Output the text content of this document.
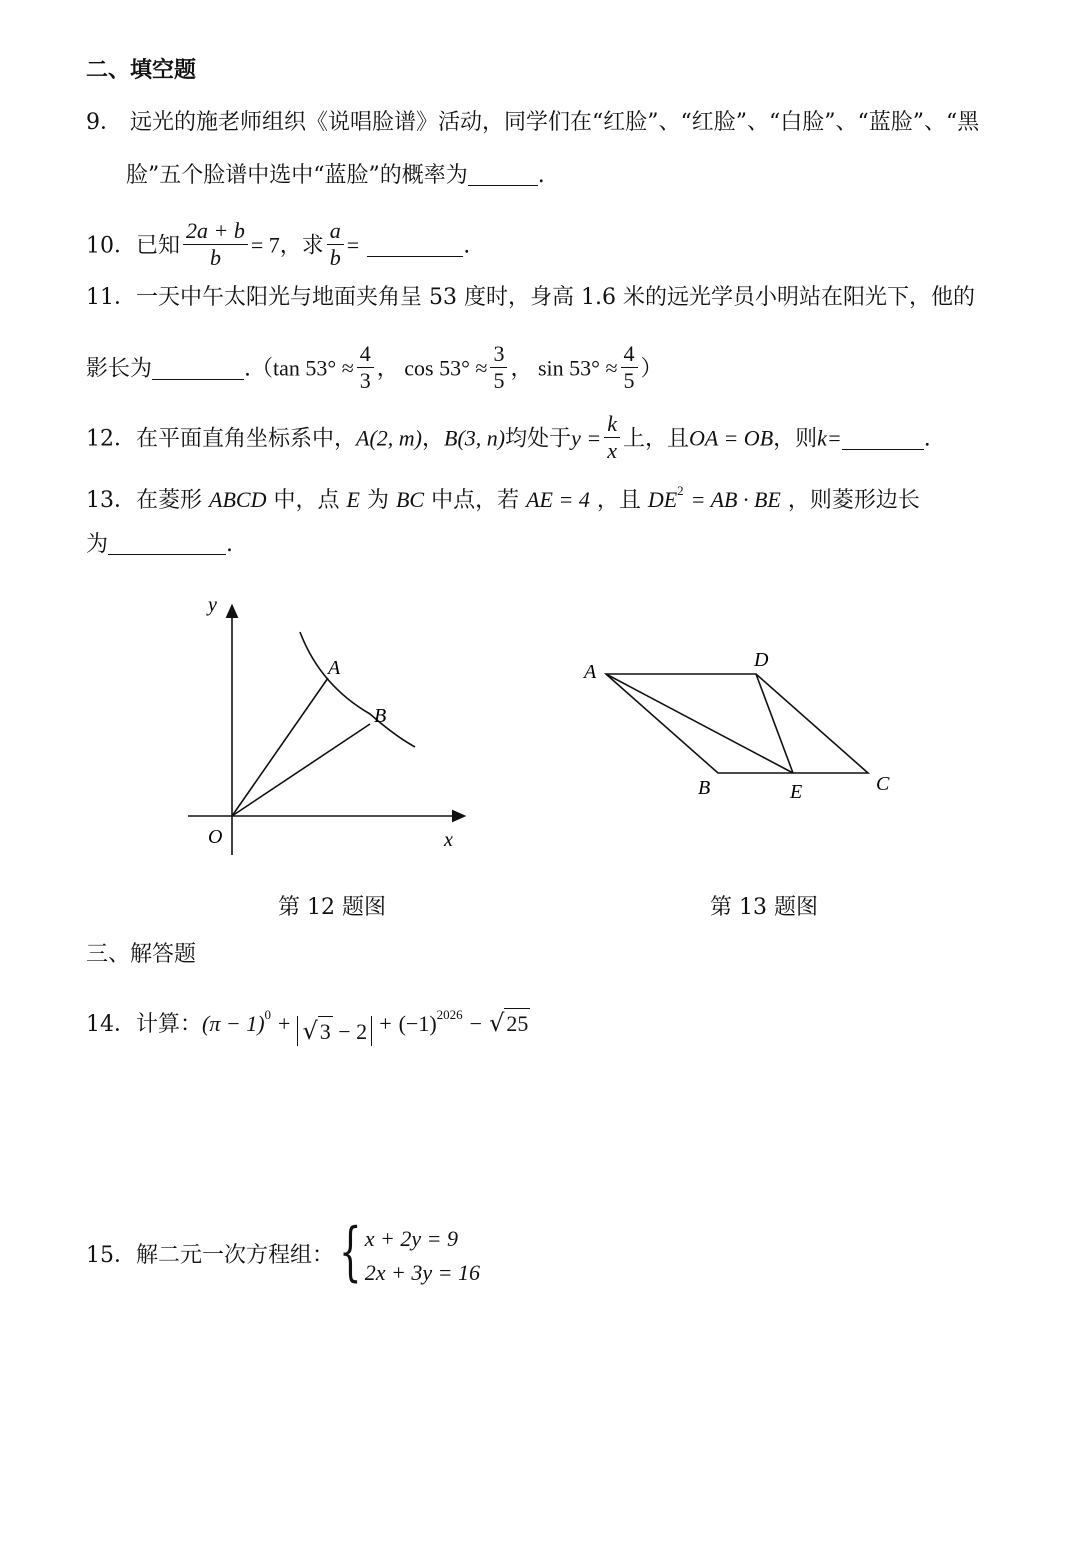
二、填空题
9． 远光的施老师组织《说唱脸谱》活动，同学们在“红脸”、“红脸”、“白脸”、“蓝脸”、“黑
脸”五个脸谱中选中“蓝脸”的概率为	.
10．已知 $\frac{2a + b}{b} = 7$，求 $\frac{a}{b}$ =	.
11．一天中午太阳光与地面夹角呈 53 度时，身高 1.6 米的远光学员小明站在阳光下，他的
影长为	.（tan $53^\circ \approx \frac{4}{3}$ ， $\cos 53^\circ \approx \frac{3}{5}$ ， $\sin 53^\circ \approx \frac{4}{5}$ ）
12．在平面直角坐标系中，A(2, m)，B(3, n)均处于$y = \frac{k}{x}$ 上，且OA = OB，则k=	.
13．在菱形 ABCD 中，点 E 为 BC 中点，若 AE = 4 ，且 $DE^2$ = AB · BE ，则菱形边长
为	.
y
x
O
A
B
第 12 题图
A
D
B	E	C
第 13 题图
三、解答题
14．计算：$(\pi - 1)^0 + √3 - 2 + (-1)^{2026} - √25$
15．解二元一次方程组：{ x + 2y = 9
2x + 3y = 16
